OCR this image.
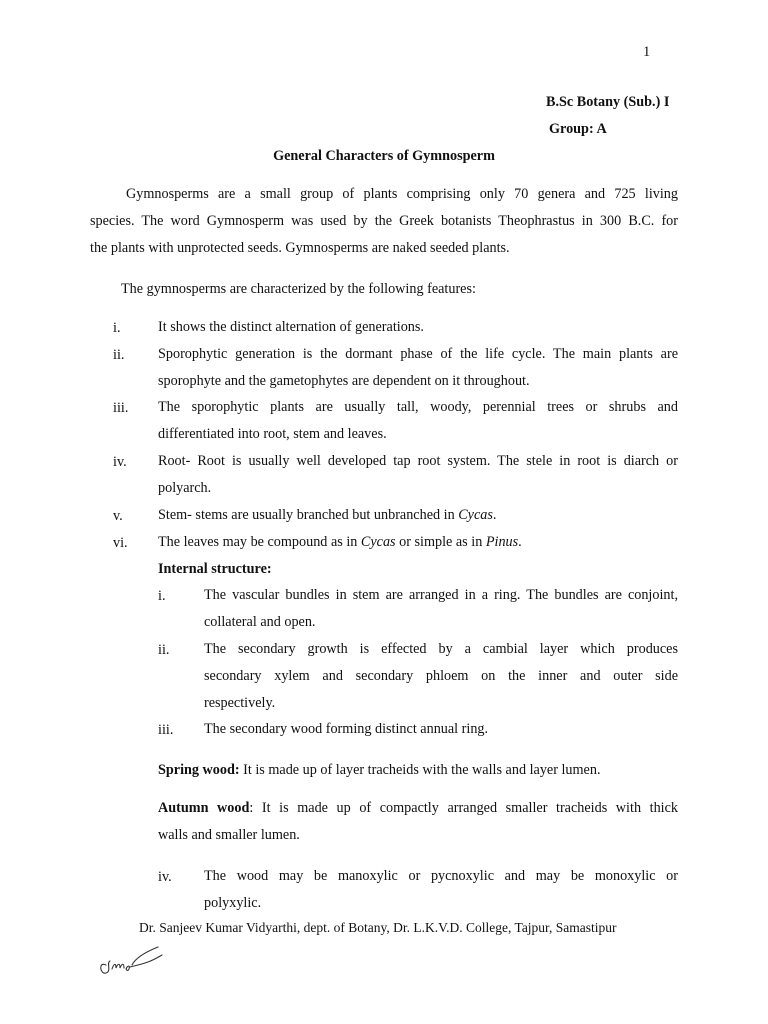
1
B.Sc Botany (Sub.) I
Group: A
General Characters of Gymnosperm
Gymnosperms are a small group of plants comprising only 70 genera and 725 living
species. The word Gymnosperm was used by the Greek botanists Theophrastus in 300 B.C. for
the plants with unprotected seeds. Gymnosperms are naked seeded plants.
The gymnosperms are characterized by the following features:
i.	It shows the distinct alternation of generations.
ii. Sporophytic generation is the dormant phase of the life cycle. The main plants are
sporophyte and the gametophytes are dependent on it throughout.
iii. The sporophytic plants are usually tall, woody, perennial trees or shrubs and
differentiated into root, stem and leaves.
iv. Root- Root is usually well developed tap root system. The stele in root is diarch or
polyarch.
v. Stem- stems are usually branched but unbranched in Cycas.
vi. The leaves may be compound as in Cycas or simple as in Pinus.
Internal structure:
i.	The vascular bundles in stem are arranged in a ring. The bundles are conjoint,
collateral and open.
ii. The secondary growth is effected by a cambial layer which produces
secondary xylem and secondary phloem on the inner and outer side
respectively.
iii. The secondary wood forming distinct annual ring.
Spring wood: It is made up of layer tracheids with the walls and layer lumen.
Autumn wood: It is made up of compactly arranged smaller tracheids with thick
walls and smaller lumen.
iv. The wood may be manoxylic or pycnoxylic and may be monoxylic or
polyxylic.
Dr. Sanjeev Kumar Vidyarthi, dept. of Botany, Dr. L.K.V.D. College, Tajpur, Samastipur
